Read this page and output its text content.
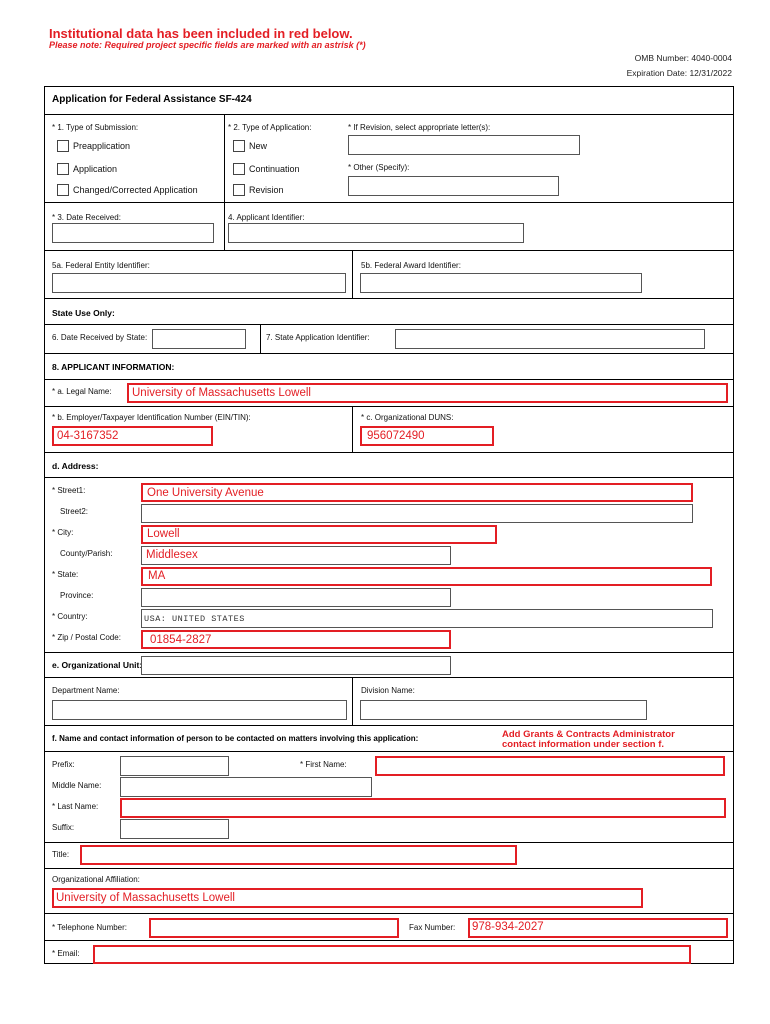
Institutional data has been included in red below.
Please note: Required project specific fields are marked with an astrisk (*)
OMB Number: 4040-0004
Expiration Date: 12/31/2022
Application for Federal Assistance SF-424
* 1. Type of Submission:
Preapplication
Application
Changed/Corrected Application
* 2. Type of Application:
New
Continuation
Revision
* If Revision, select appropriate letter(s):
* Other (Specify):
* 3. Date Received:	4. Applicant Identifier:
5a. Federal Entity Identifier:	5b. Federal Award Identifier:
State Use Only:
6. Date Received by State:	7. State Application Identifier:
8. APPLICANT INFORMATION:
* a. Legal Name: University of Massachusetts Lowell
* b. Employer/Taxpayer Identification Number (EIN/TIN):
04-3167352
* c. Organizational DUNS:
956072490
d. Address:
* Street1:	One University Avenue
Street2:
* City:	Lowell
County/Parish:	Middlesex
* State:	MA
Province:
* Country:	USA: UNITED STATES
* Zip / Postal Code:	01854-2827
e. Organizational Unit:
Department Name:	Division Name:
f. Name and contact information of person to be contacted on matters involving this application:	Add Grants & Contracts Administrator
contact information under section f.
Prefix:	* First Name:
Middle Name:
* Last Name:
Suffix:
Title:
Organizational Affiliation:
University of Massachusetts Lowell
* Telephone Number:	Fax Number: 978-934-2027
* Email:
